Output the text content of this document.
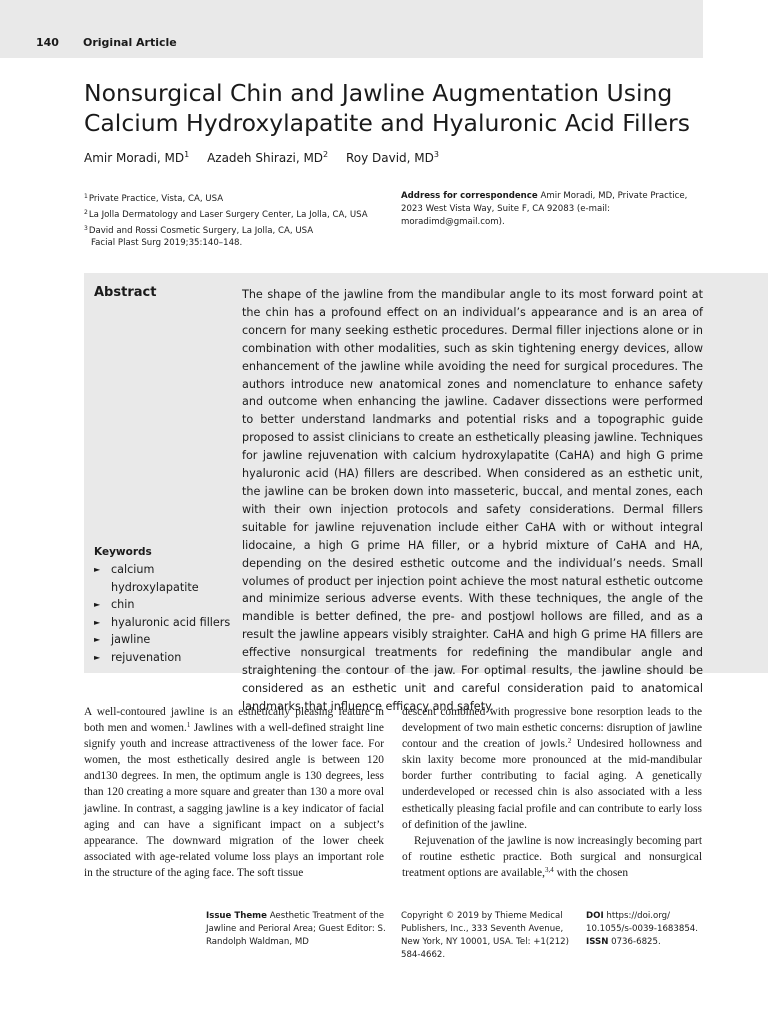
140 Original Article
Nonsurgical Chin and Jawline Augmentation Using Calcium Hydroxylapatite and Hyaluronic Acid Fillers
Amir Moradi, $MD^1$ Azadeh Shirazi, $MD^2$ Roy David, $MD^3$
$^1$Private Practice, Vista, CA, USA
$^2$La Jolla Dermatology and Laser Surgery Center, La Jolla, CA, USA
$^3$David and Rossi Cosmetic Surgery, La Jolla, CA, USA
Address for correspondence Amir Moradi, MD, Private Practice, 2023 West Vista Way, Suite F, CA 92083 (e-mail: moradimd@gmail.com).
Facial Plast Surg 2019;35:140–148.
Abstract	The shape of the jawline from the mandibular angle to its most forward point at the chin has a profound effect on an individual’s appearance and is an area of concern for many seeking esthetic procedures. Dermal filler injections alone or in combination with other modalities, such as skin tightening energy devices, allow enhancement of the jawline while avoiding the need for surgical procedures. The authors introduce new anatomical zones and nomenclature to enhance safety and outcome when enhancing the jawline. Cadaver dissections were performed to better understand landmarks and potential risks and a topographic guide proposed to assist clinicians to create an esthetically pleasing jawline. Techniques for jawline rejuvenation with calcium hydroxylapatite (CaHA) and high G prime hyaluronic acid (HA) fillers are described. When considered as an esthetic unit, the jawline can be broken down into masseteric, buccal, and mental zones, each with their own injection protocols and safety considerations. Dermal fillers suitable for jawline rejuvenation include either CaHA with or without integral lidocaine, a high G prime HA filler, or a hybrid mixture of CaHA and HA, depending on the desired esthetic outcome and the individual’s needs. Small volumes of product per injection point achieve the most natural esthetic outcome and minimize serious adverse events. With these techniques, the angle of the mandible is better defined, the pre- and postjowl hollows are filled, and as a result the jawline appears visibly straighter. CaHA and high G prime HA fillers are effective nonsurgical treatments for redefining the mandibular angle and straightening the contour of the jaw. For optimal results, the jawline should be considered as an esthetic unit and careful consideration paid to anatomical landmarks that influence efficacy and safety.

Keywords
► calcium hydroxylapatite
► chin
► hyaluronic acid fillers
► jawline
► rejuvenation

A well-contoured jawline is an esthetically pleasing feature in both men and women.$^1$ Jawlines with a well-defined straight line signify youth and increase attractiveness of the lower face. For women, the most esthetically desired angle is between 120 and130 degrees. In men, the optimum angle is 130 degrees, less than 120 creating a more square and greater than 130 a more oval jawline. In contrast, a sagging jawline is a key indicator of facial aging and can have a significant impact on a subject’s appearance. The downward migration of the lower cheek associated with age-related volume loss plays an important role in the structure of the aging face. The soft tissue

descent combined with progressive bone resorption leads to the development of two main esthetic concerns: disruption of jawline contour and the creation of jowls.$^2$ Undesired hollowness and skin laxity become more pronounced at the mid-mandibular border further contributing to facial aging. A genetically underdeveloped or recessed chin is also associated with a less esthetically pleasing facial profile and can contribute to early loss of definition of the jawline.

Rejuvenation of the jawline is now increasingly becoming part of routine esthetic practice. Both surgical and nonsurgical treatment options are available,$^{3,4}$ with the chosen

Issue Theme Aesthetic Treatment of the Jawline and Perioral Area; Guest Editor: S. Randolph Waldman, MD
Copyright © 2019 by Thieme Medical Publishers, Inc., 333 Seventh Avenue, New York, NY 10001, USA. Tel: +1(212) 584-4662.
DOI https://doi.org/ 10.1055/s-0039-1683854.
ISSN 0736-6825.
